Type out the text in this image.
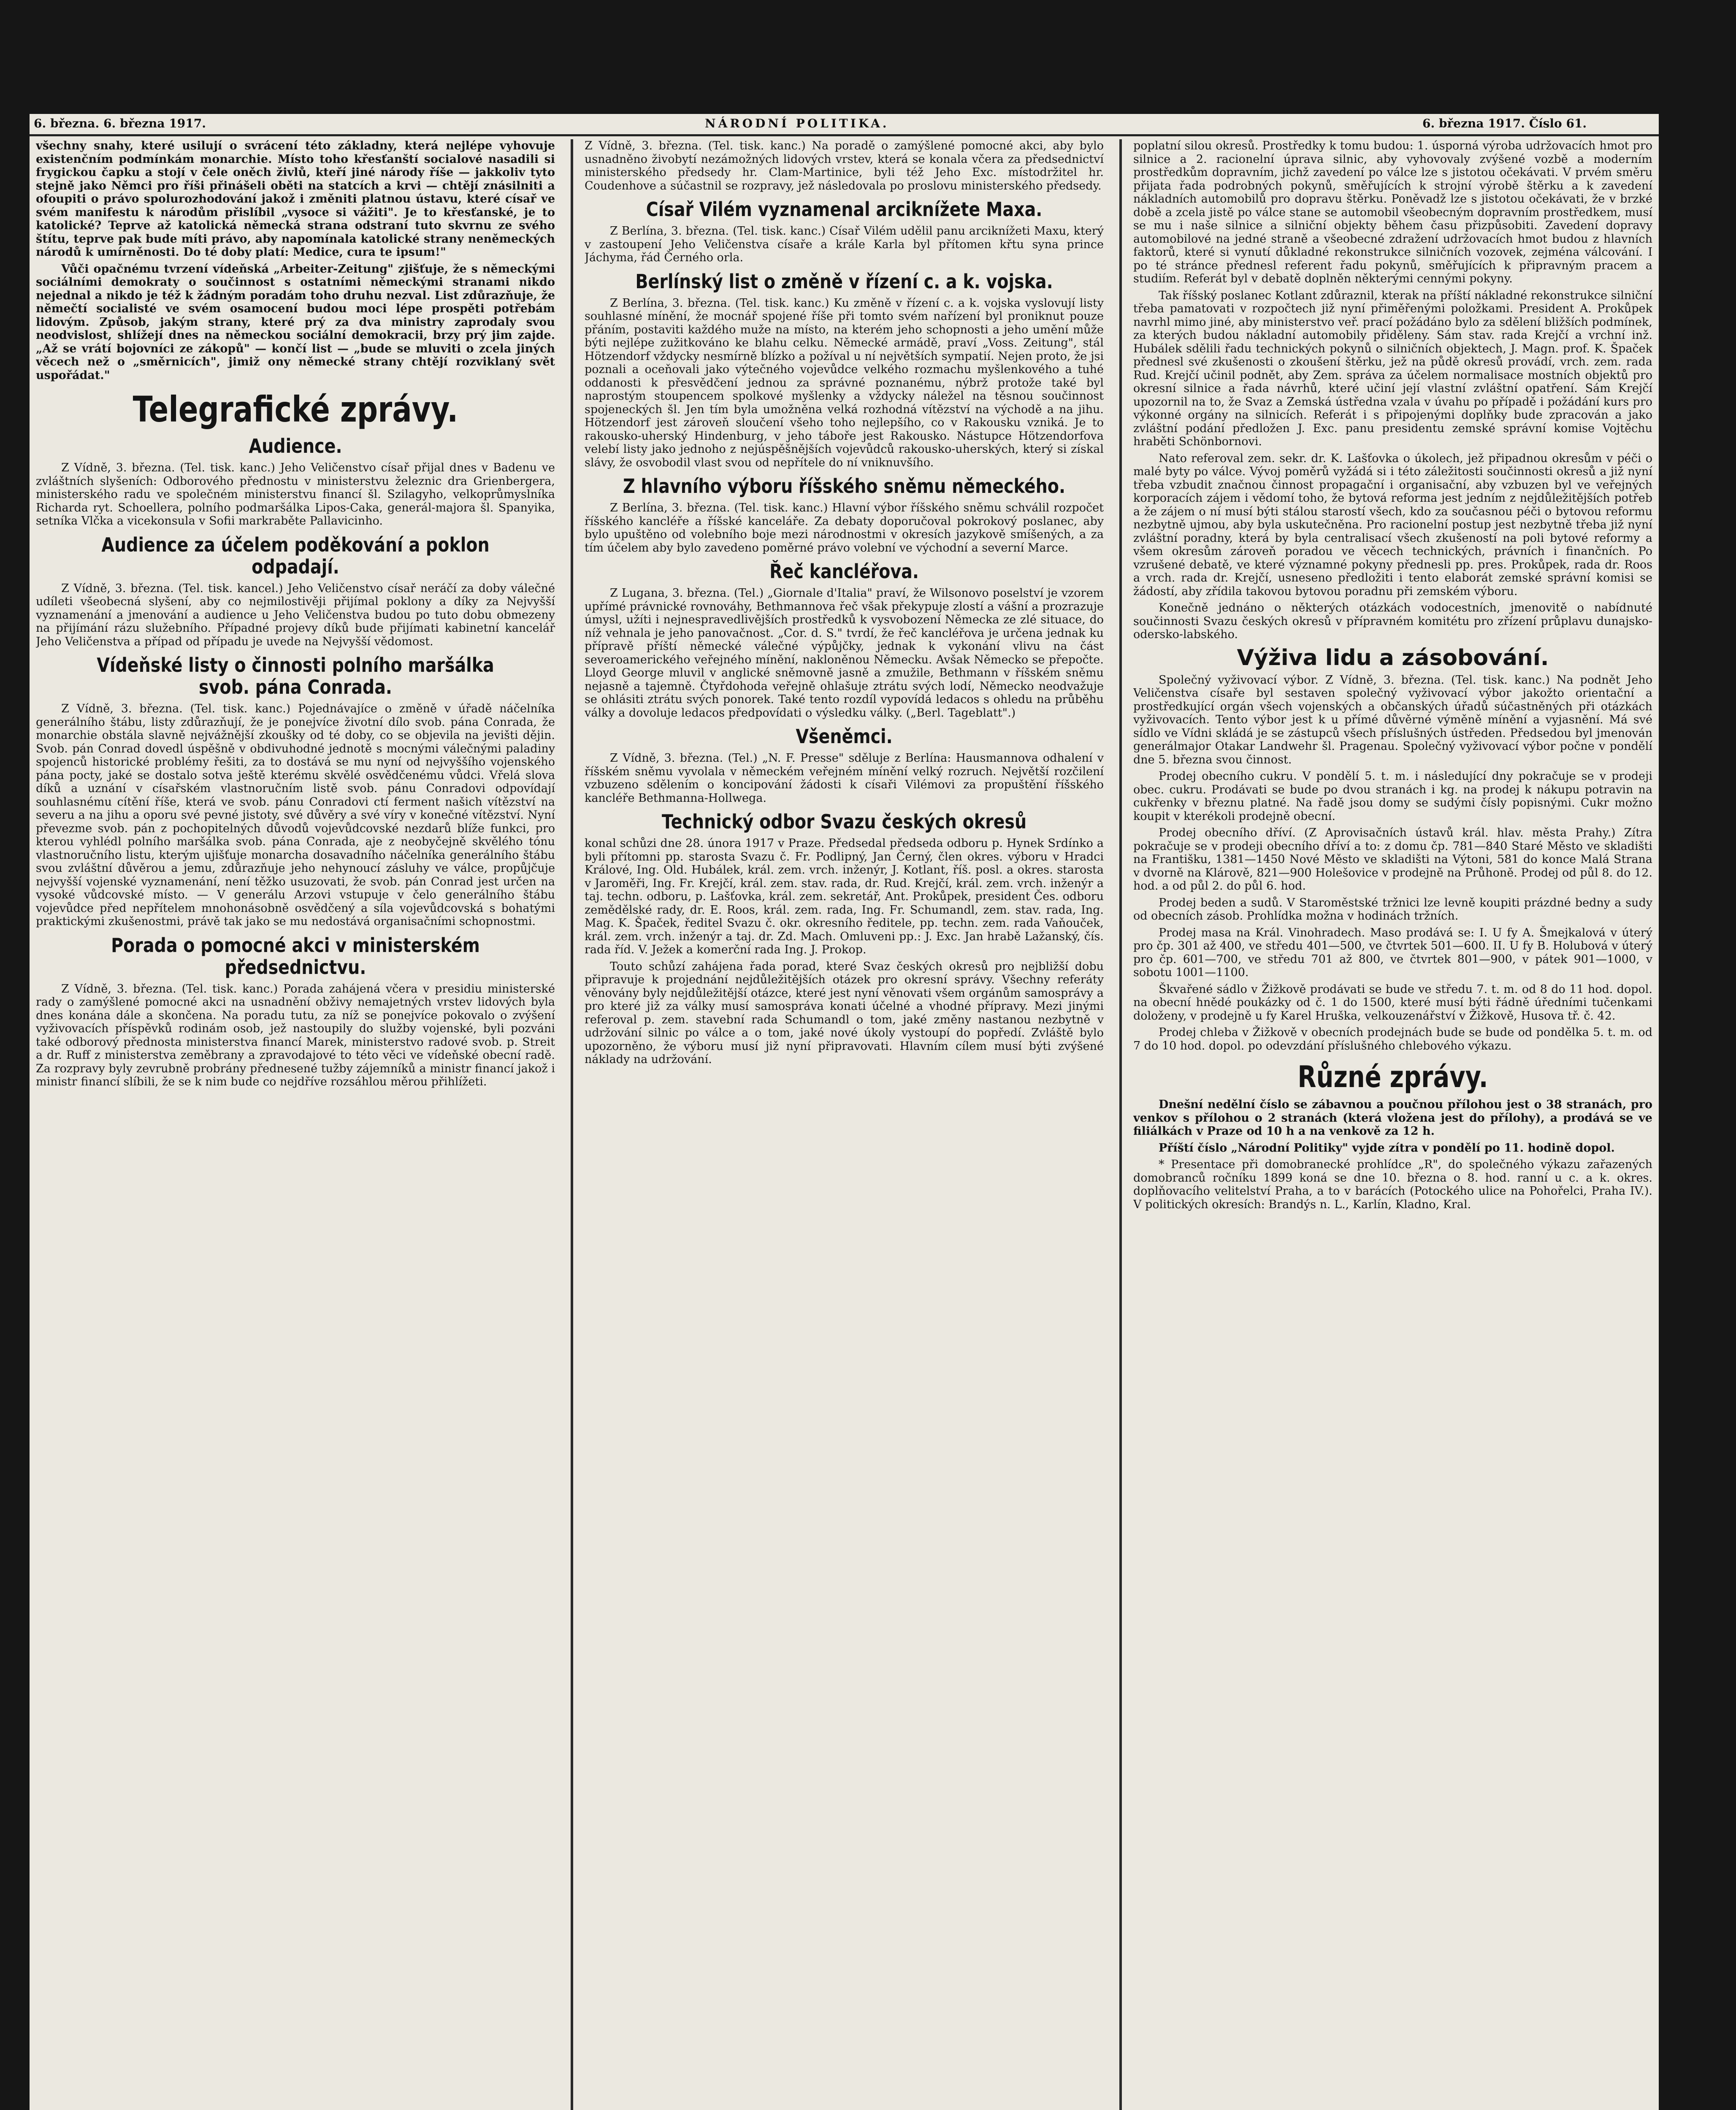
6. března. 6. března 1917.	NÁRODNÍ POLITIKA.	6. března 1917. Číslo 61.

všechny snahy, které usilují o svrácení této základny, která nejlépe vyhovuje existenčním podmínkám monarchie. Místo toho křesťanští socialové nasadili si frygickou čapku a stojí v čele oněch živlů, kteří jiné národy říše — jakkoliv tyto stejně jako Němci pro říši přinášeli oběti na statcích a krvi — chtějí znásilniti a ofoupiti o právo spolurozhodování jakož i změniti platnou ústavu, které císař ve svém manifestu k národům přislíbil „vysoce si vážiti". Je to křesťanské, je to katolické? Teprve až katolická německá strana odstraní tuto skvrnu ze svého štítu, teprve pak bude míti právo, aby napomínala katolické strany neněmeckých národů k umírněnosti. Do té doby platí: Medice, cura te ipsum!"

Vůči opačnému tvrzení vídeňská „Arbeiter-Zeitung" zjišťuje, že s německými sociálními demokraty o součinnost s ostatními německými stranami nikdo nejednal a nikdo je též k žádným poradám toho druhu nezval. List zdůrazňuje, že němečtí socialisté ve svém osamocení budou moci lépe prospěti potřebám lidovým. Způsob, jakým strany, které prý za dva ministry zaprodaly svou neodvislost, shlížejí dnes na německou sociální demokracii, brzy prý jim zajde. „Až se vrátí bojovníci ze zákopů" — končí list — „bude se mluviti o zcela jiných věcech než o „směrnicích", jimiž ony německé strany chtějí rozviklaný svět uspořádat."

Telegrafické zprávy.
Audience.

Z Vídně, 3. března. (Tel. tisk. kanc.) Jeho Veličenstvo císař přijal dnes v Badenu ve zvláštních slyšeních: Odborového přednostu v ministerstvu železnic dra Grienbergera, ministerského radu ve společném ministerstvu financí šl. Szilagyho, velkoprůmyslníka Richarda ryt. Schoellera, polního podmaršálka Lipos-Caka, generál-majora šl. Spanyika, setníka Vlčka a vicekonsula v Sofii markraběte Pallavicinho.

Audience za účelem poděkování a poklon odpadají.

Z Vídně, 3. března. (Tel. tisk. kancel.) Jeho Veličenstvo císař neráčí za doby válečné udíleti všeobecná slyšení, aby co nejmilostivěji přijímal poklony a díky za Nejvyšší vyznamenání a jmenování a audience u Jeho Veličenstva budou po tuto dobu obmezeny na přijímání rázu služebního. Případné projevy díků bude přijímati kabinetní kancelář Jeho Veličenstva a případ od případu je uvede na Nejvyšší vědomost.

Vídeňské listy o činnosti polního maršálka svob. pána Conrada.

Z Vídně, 3. března. (Tel. tisk. kanc.) Pojednávajíce o změně v úřadě náčelníka generálního štábu, listy zdůrazňují, že je ponejvíce životní dílo svob. pána Conrada, že monarchie obstála slavně nejvážnější zkoušky od té doby, co se objevila na jevišti dějin. Svob. pán Conrad dovedl úspěšně v obdivuhodné jednotě s mocnými válečnými paladiny spojenců historické problémy řešiti, za to dostává se mu nyní od nejvyššího vojenského pána pocty, jaké se dostalo sotva ještě kterému skvělé osvědčenému vůdci. Vřelá slova díků a uznání v císařském vlastnoručním listě svob. pánu Conradovi odpovídají souhlasnému cítění říše, která ve svob. pánu Conradovi ctí ferment našich vítězství na severu a na jihu a oporu své pevné jistoty, své důvěry a své víry v konečné vítězství. Nyní převezme svob. pán z pochopitelných důvodů vojevůdcovské nezdarů blíže funkci, pro kterou vyhlédl polního maršálka svob. pána Conrada, aje z neobyčejně skvělého tónu vlastnoručního listu, kterým ujišťuje monarcha dosavadního náčelníka generálního štábu svou zvláštní důvěrou a jemu, zdůrazňuje jeho nehynoucí zásluhy ve válce, propůjčuje nejvyšší vojenské vyznamenání, není těžko usuzovati, že svob. pán Conrad jest určen na vysoké vůdcovské místo. — V generálu Arzovi vstupuje v čelo generálního štábu vojevůdce před nepřítelem mnohonásobně osvědčený a síla vojevůdcovská s bohatými praktickými zkušenostmi, právě tak jako se mu nedostává organisačními schopnostmi.

Porada o pomocné akci v ministerském předsednictvu.

Z Vídně, 3. března. (Tel. tisk. kanc.) Porada zahájená včera v presidiu ministerské rady o zamýšlené pomocné akci na usnadnění obživy nemajetných vrstev lidových byla dnes konána dále a skončena. Na poradu tutu, za níž se ponejvíce pokovalo o zvýšení vyživovacích příspěvků rodinám osob, jež nastoupily do služby vojenské, byli pozváni také odborový přednosta ministerstva financí Marek, ministerstvo radové svob. p. Streit a dr. Ruff z ministerstva zeměbrany a zpravodajové to této věci ve vídeňské obecní radě. Za rozpravy byly zevrubně probrány přednesené tužby zájemníků a ministr financí jakož i ministr financí slíbili, že se k nim bude co nejdříve rozsáhlou měrou přihlížeti.

Z Vídně, 3. března. (Tel. tisk. kanc.) Na poradě o zamýšlené pomocné akci, aby bylo usnadněno živobytí nezámožných lidových vrstev, která se konala včera za předsednictví ministerského předsedy hr. Clam-Martinice, byli též Jeho Exc. místodržitel hr. Coudenhove a súčastnil se rozpravy, jež následovala po proslovu ministerského předsedy.

Císař Vilém vyznamenal arciknížete Maxa.

Z Berlína, 3. března. (Tel. tisk. kanc.) Císař Vilém udělil panu arciknížeti Maxu, který v zastoupení Jeho Veličenstva císaře a krále Karla byl přítomen křtu syna prince Jáchyma, řád Černého orla.

Berlínský list o změně v řízení c. a k. vojska.

Z Berlína, 3. března. (Tel. tisk. kanc.) Ku změně v řízení c. a k. vojska vyslovují listy souhlasné mínění, že mocnář spojené říše při tomto svém nařízení byl proniknut pouze přáním, postaviti každého muže na místo, na kterém jeho schopnosti a jeho umění může býti nejlépe zužitkováno ke blahu celku. Německé armádě, praví „Voss. Zeitung", stál Hötzendorf vždycky nesmírně blízko a požíval u ní největších sympatií. Nejen proto, že jsi poznali a oceňovali jako výtečného vojevůdce velkého rozmachu myšlenkového a tuhé oddanosti k přesvědčení jednou za správné poznanému, nýbrž protože také byl naprostým stoupencem spolkové myšlenky a vždycky náležel na těsnou součinnost spojeneckých šl. Jen tím byla umožněna velká rozhodná vítězství na východě a na jihu. Hötzendorf jest zároveň sloučení všeho toho nejlepšího, co v Rakousku vzniká. Je to rakousko-uherský Hindenburg, v jeho táboře jest Rakousko. Nástupce Hötzendorfova velebí listy jako jednoho z nejúspěšnějších vojevůdců rakousko-uherských, který si získal slávy, že osvobodil vlast svou od nepřítele do ní vniknuvšího.

Z hlavního výboru říšského sněmu německého.

Z Berlína, 3. března. (Tel. tisk. kanc.) Hlavní výbor říšského sněmu schválil rozpočet říšského kancléře a říšské kanceláře. Za debaty doporučoval pokrokový poslanec, aby bylo upuštěno od volebního boje mezi národnostmi v okresích jazykově smíšených, a za tím účelem aby bylo zavedeno poměrné právo volební ve východní a severní Marce.

Řeč kancléřova.

Z Lugana, 3. března. (Tel.) „Giornale d'Italia" praví, že Wilsonovo poselství je vzorem upřímé právnické rovnováhy, Bethmannova řeč však překypuje zlostí a vášní a prozrazuje úmysl, užíti i nejnespravedlivějších prostředků k vysvobození Německa ze zlé situace, do níž vehnala je jeho panovačnost. „Cor. d. S." tvrdí, že řeč kancléřova je určena jednak ku přípravě příští německé válečné výpůjčky, jednak k vykonání vlivu na část severoamerického veřejného mínění, nakloněnou Německu. Avšak Německo se přepočte. Lloyd George mluvil v anglické sněmovně jasně a zmužile, Bethmann v říšském sněmu nejasně a tajemně. Čtyřdohoda veřejně ohlašuje ztrátu svých lodí, Německo neodvažuje se ohlásiti ztrátu svých ponorek. Také tento rozdíl vypovídá ledacos s ohledu na průběhu války a dovoluje ledacos předpovídati o výsledku války. („Berl. Tageblatt".)

Všeněmci.

Z Vídně, 3. března. (Tel.) „N. F. Presse" sděluje z Berlína: Hausmannova odhalení v říšském sněmu vyvolala v německém veřejném mínění velký rozruch. Největší rozčilení vzbuzeno sdělením o koncipování žádosti k císaři Vilémovi za propuštění říšského kancléře Bethmanna-Hollwega.

Technický odbor Svazu českých okresů

konal schůzi dne 28. února 1917 v Praze. Předsedal předseda odboru p. Hynek Srdínko a byli přítomni pp. starosta Svazu č. Fr. Podlipný, Jan Černý, člen okres. výboru v Hradci Králové, Ing. Old. Hubálek, král. zem. vrch. inženýr, J. Kotlant, říš. posl. a okres. starosta v Jaroměři, Ing. Fr. Krejčí, král. zem. stav. rada, dr. Rud. Krejčí, král. zem. vrch. inženýr a taj. techn. odboru, p. Lašťovka, král. zem. sekretář, Ant. Prokůpek, president Čes. odboru zemědělské rady, dr. E. Roos, král. zem. rada, Ing. Fr. Schumandl, zem. stav. rada, Ing. Mag. K. Špaček, ředitel Svazu č. okr. okresního ředitele, pp. techn. zem. rada Vaňouček, král. zem. vrch. inženýr a taj. dr. Zd. Mach. Omluveni pp.: J. Exc. Jan hrabě Lažanský, čís. rada říd. V. Ježek a komerční rada Ing. J. Prokop.

Touto schůzí zahájena řada porad, které Svaz českých okresů pro nejbližší dobu připravuje k projednání nejdůležitějších otázek pro okresní správy. Všechny referáty věnovány byly nejdůležitější otázce, které jest nyní věnovati všem orgánům samosprávy a pro které již za války musí samospráva konati účelné a vhodné přípravy. Mezi jinými referoval p. zem. stavební rada Schumandl o tom, jaké změny nastanou nezbytně v udržování silnic po válce a o tom, jaké nové úkoly vystoupí do popředí. Zvláště bylo upozorněno, že výboru musí již nyní připravovati. Hlavním cílem musí býti zvýšené náklady na udržování.

poplatní silou okresů. Prostředky k tomu budou: 1. úsporná výroba udržovacích hmot pro silnice a 2. racionelní úprava silnic, aby vyhovovaly zvýšené vozbě a moderním prostředkům dopravním, jichž zavedení po válce lze s jistotou očekávati. V prvém směru přijata řada podrobných pokynů, směřujících k strojní výrobě štěrku a k zavedení nákladních automobilů pro dopravu štěrku. Poněvadž lze s jistotou očekávati, že v brzké době a zcela jistě po válce stane se automobil všeobecným dopravním prostředkem, musí se mu i naše silnice a silniční objekty během času přizpůsobiti. Zavedení dopravy automobilové na jedné straně a všeobecné zdražení udržovacích hmot budou z hlavních faktorů, které si vynutí důkladné rekonstrukce silničních vozovek, zejména válcování. I po té stránce přednesl referent řadu pokynů, směřujících k připravným pracem a studiím. Referát byl v debatě doplněn některými cennými pokyny.

Tak říšský poslanec Kotlant zdůraznil, kterak na příští nákladné rekonstrukce silniční třeba pamatovati v rozpočtech již nyní přiměřenými položkami. President A. Prokůpek navrhl mimo jiné, aby ministerstvo veř. prací požádáno bylo za sdělení bližších podmínek, za kterých budou nákladní automobily přiděleny. Sám stav. rada Krejčí a vrchní inž. Hubálek sdělili řadu technických pokynů o silničních objektech, J. Magn. prof. K. Špaček přednesl své zkušenosti o zkoušení štěrku, jež na půdě okresů provádí, vrch. zem. rada Rud. Krejčí učinil podnět, aby Zem. správa za účelem normalisace mostních objektů pro okresní silnice a řada návrhů, které učiní její vlastní zvláštní opatření. Sám Krejčí upozornil na to, že Svaz a Zemská ústředna vzala v úvahu po případě i požádání kurs pro výkonné orgány na silnicích. Referát i s připojenými doplňky bude zpracován a jako zvláštní podání předložen J. Exc. panu presidentu zemské správní komise Vojtěchu hraběti Schönbornovi.

Nato referoval zem. sekr. dr. K. Lašťovka o úkolech, jež připadnou okresům v péči o malé byty po válce. Vývoj poměrů vyžádá si i této záležitosti součinnosti okresů a již nyní třeba vzbudit značnou činnost propagační i organisační, aby vzbuzen byl ve veřejných korporacích zájem i vědomí toho, že bytová reforma jest jedním z nejdůležitějších potřeb a že zájem o ní musí býti stálou starostí všech, kdo za současnou péči o bytovou reformu nezbytně ujmou, aby byla uskutečněna. Pro racionelní postup jest nezbytně třeba již nyní zvláštní poradny, která by byla centralisací všech zkušeností na poli bytové reformy a všem okresům zároveň poradou ve věcech technických, právních i finančních. Po vzrušené debatě, ve které významné pokyny přednesli pp. pres. Prokůpek, rada dr. Roos a vrch. rada dr. Krejčí, usneseno předložiti i tento elaborát zemské správní komisi se žádostí, aby zřídila takovou bytovou poradnu při zemském výboru.

Konečně jednáno o některých otázkách vodocestních, jmenovitě o nabídnuté součinnosti Svazu českých okresů v přípravném komitétu pro zřízení průplavu dunajsko-odersko-labského.

Výživa lidu a zásobování.

Společný vyživovací výbor. Z Vídně, 3. března. (Tel. tisk. kanc.) Na podnět Jeho Veličenstva císaře byl sestaven společný vyživovací výbor jakožto orientační a prostředkující orgán všech vojenských a občanských úřadů súčastněných při otázkách vyživovacích. Tento výbor jest k u přímé důvěrné výměně mínění a vyjasnění. Má své sídlo ve Vídni skládá je se zástupců všech příslušných ústředen. Předsedou byl jmenován generálmajor Otakar Landwehr šl. Pragenau. Společný vyživovací výbor počne v pondělí dne 5. března svou činnost.

Prodej obecního cukru. V pondělí 5. t. m. i následující dny pokračuje se v prodeji obec. cukru. Prodávati se bude po dvou stranách i kg. na prodej k nákupu potravin na cukřenky v březnu platné. Na řadě jsou domy se sudými čísly popisnými. Cukr možno koupit v kterékoli prodejně obecní.

Prodej obecního dříví. (Z Aprovisačních ústavů král. hlav. města Prahy.) Zítra pokračuje se v prodeji obecního dříví a to: z domu čp. 781—840 Staré Město ve skladišti na Františku, 1381—1450 Nové Město ve skladišti na Výtoni, 581 do konce Malá Strana v dvorně na Klárově, 821—900 Holešovice v prodejně na Průhoně. Prodej od půl 8. do 12. hod. a od půl 2. do půl 6. hod.

Prodej beden a sudů. V Staroměstské tržnici lze levně koupiti prázdné bedny a sudy od obecních zásob. Prohlídka možna v hodinách tržních.

Prodej masa na Král. Vinohradech. Maso prodává se: I. U fy A. Šmejkalová v úterý pro čp. 301 až 400, ve středu 401—500, ve čtvrtek 501—600. II. U fy B. Holubová v úterý pro čp. 601—700, ve středu 701 až 800, ve čtvrtek 801—900, v pátek 901—1000, v sobotu 1001—1100.

Škvařené sádlo v Žižkově prodávati se bude ve středu 7. t. m. od 8 do 11 hod. dopol. na obecní hnědé poukázky od č. 1 do 1500, které musí býti řádně úředními tučenkami doloženy, v prodejně u fy Karel Hruška, velkouzenářství v Žižkově, Husova tř. č. 42.

Prodej chleba v Žižkově v obecních prodejnách bude se bude od pondělka 5. t. m. od 7 do 10 hod. dopol. po odevzdání příslušného chlebového výkazu.

Různé zprávy.

Dnešní nedělní číslo se zábavnou a poučnou přílohou jest o 38 stranách, pro venkov s přílohou o 2 stranách (která vložena jest do přílohy), a prodává se ve filiálkách v Praze od 10 h a na venkově za 12 h.

Příští číslo „Národní Politiky" vyjde zítra v pondělí po 11. hodině dopol.

* Presentace při domobranecké prohlídce „R", do společného výkazu zařazených domobranců ročníku 1899 koná se dne 10. března o 8. hod. ranní u c. a k. okres. doplňovacího velitelství Praha, a to v barácích (Potockého ulice na Pohořelci, Praha IV.). V politických okresích: Brandýs n. L., Karlín, Kladno, Kral.
